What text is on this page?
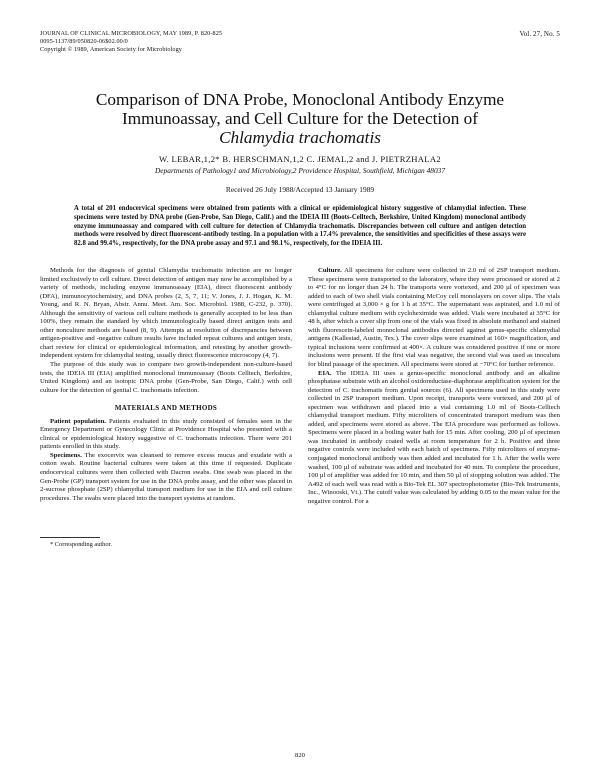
JOURNAL OF CLINICAL MICROBIOLOGY, MAY 1989, P. 820-825
0095-1137/89/050820-06$02.00/0
Copyright © 1989, American Society for Microbiology
Vol. 27, No. 5
Comparison of DNA Probe, Monoclonal Antibody Enzyme
Immunoassay, and Cell Culture for the Detection of
Chlamydia trachomatis
W. LEBAR,1,2* B. HERSCHMAN,1,2 C. JEMAL,2 and J. PIETRZHALA2
Departments of Pathology1 and Microbiology,2 Providence Hospital, Southfield, Michigan 48037
Received 26 July 1988/Accepted 13 January 1989
A total of 201 endocervical specimens were obtained from patients with a clinical or epidemiological history suggestive of chlamydial infection. These specimens were tested by DNA probe (Gen-Probe, San Diego, Calif.) and the IDEIA III (Boots-Celltech, Berkshire, United Kingdom) monoclonal antibody enzyme immunoassay and compared with cell culture for detection of Chlamydia trachomatis. Discrepancies between cell culture and antigen detection methods were resolved by direct fluorescent-antibody testing. In a population with a 17.4% prevalence, the sensitivities and specificities of these assays were 82.8 and 99.4%, respectively, for the DNA probe assay and 97.1 and 98.1%, respectively, for the IDEIA III.

Methods for the diagnosis of genital Chlamydia trachomatis infection are no longer limited exclusively to cell culture. Direct detection of antigen may now be accomplished by a variety of methods, including enzyme immunoassay (EIA), direct fluorescent antibody (DFA), immunocytochemistry, and DNA probes (2, 5, 7, 11; V. Jones, J. J. Hogan, K. M. Young, and R. N. Bryan, Abstr. Annu. Meet. Am. Soc. Microbiol. 1988, C-232, p. 370). Although the sensitivity of various cell culture methods is generally accepted to be less than 100%, they remain the standard by which immunologically based direct antigen tests and other nonculture methods are based (8, 9). Attempts at resolution of discrepancies between antigen-positive and -negative culture results have included repeat cultures and antigen tests, chart review for clinical or epidemiological information, and retesting by another growth-independent system for chlamydial testing, usually direct fluorescence microscopy (4, 7).

The purpose of this study was to compare two growth-independent non-culture-based tests, the IDEIA III (EIA) amplified monoclonal immunoassay (Boots Celltech, Berkshire, United Kingdom) and an isotopic DNA probe (Gen-Probe, San Diego, Calif.) with cell culture for the detection of genital C. trachomatis infection.

MATERIALS AND METHODS

Patient population. Patients evaluated in this study consisted of females seen in the Emergency Department or Gynecology Clinic at Providence Hospital who presented with a clinical or epidemiological history suggestive of C. trachomatis infection. There were 201 patients enrolled in this study.

Specimens. The exocervix was cleansed to remove excess mucus and exudate with a cotton swab. Routine bacterial cultures were taken at this time if requested. Duplicate endocervical cultures were then collected with Dacron swabs. One swab was placed in the Gen-Probe (GP) transport system for use in the DNA probe assay, and the other was placed in 2-sucrose phosphate (2SP) chlamydial transport medium for use in the EIA and cell culture procedures. The swabs were placed into the transport systems at random.

* Corresponding author.

Culture. All specimens for culture were collected in 2.0 ml of 2SP transport medium. These specimens were transported to the laboratory, where they were processed or stored at 2 to 4°C for no longer than 24 h. The transports were vortexed, and 200 µl of specimen was added to each of two shell vials containing McCoy cell monolayers on cover slips. The vials were centrifuged at 3,000 × g for 1 h at 35°C. The supernatant was aspirated, and 1.0 ml of chlamydial culture medium with cycloheximide was added. Vials were incubated at 35°C for 48 h, after which a cover slip from one of the vials was fixed in absolute methanol and stained with fluorescein-labeled monoclonal antibodies directed against genus-specific chlamydial antigens (Kallestad, Austin, Tex.). The cover slips were examined at 160× magnification, and typical inclusions were confirmed at 400×. A culture was considered positive if one or more inclusions were present. If the first vial was negative, the second vial was used as inoculum for blind passage of the specimen. All specimens were stored at −70°C for further reference.

EIA. The IDEIA III uses a genus-specific monoclonal antibody and an alkaline phosphatase substrate with an alcohol oxidoreductase-diaphorase amplification system for the detection of C. trachomatis from genital sources (6). All specimens used in this study were collected in 2SP transport medium. Upon receipt, transports were vortexed, and 200 µl of specimen was withdrawn and placed into a vial containing 1.0 ml of Boots-Celltech chlamydial transport medium. Fifty microliters of concentrated transport medium was then added, and specimens were stored as above. The EIA procedure was performed as follows. Specimens were placed in a boiling water bath for 15 min. After cooling, 200 µl of specimen was incubated in antibody coated wells at room temperature for 2 h. Positive and three negative controls were included with each batch of specimens. Fifty microliters of enzyme-conjugated monoclonal antibody was then added and incubated for 1 h. After the wells were washed, 100 µl of substrate was added and incubated for 40 min. To complete the procedure, 100 µl of amplifier was added for 10 min, and then 50 µl of stopping solution was added. The A492 of each well was read with a Bio-Tek EL 307 spectrophotometer (Bio-Tek Instruments, Inc., Winooski, Vt.). The cutoff value was calculated by adding 0.05 to the mean value for the negative control. For a

820
